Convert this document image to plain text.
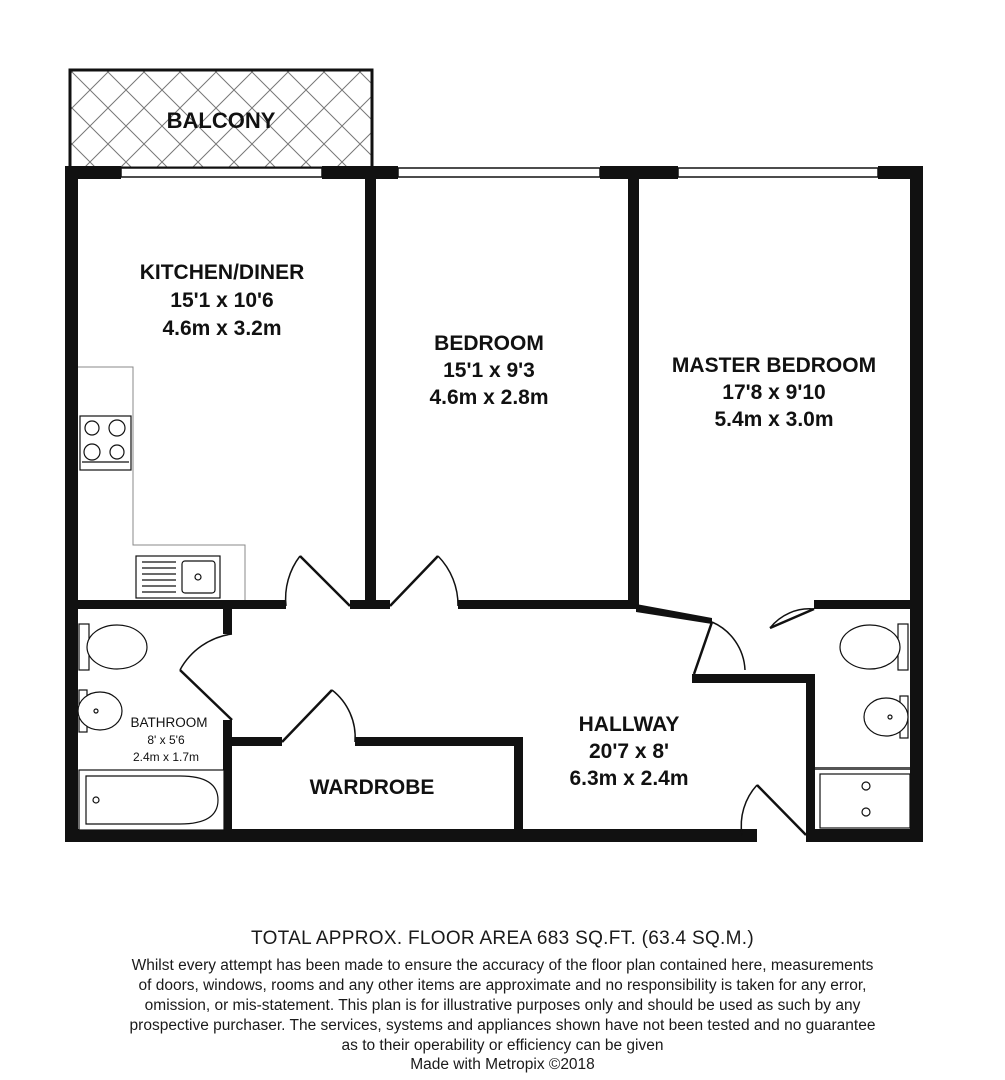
BALCONY
KITCHEN/DINER
15'1 x 10'6
4.6m x 3.2m
BEDROOM
15'1 x 9'3
4.6m x 2.8m
MASTER BEDROOM
17'8 x 9'10
5.4m x 3.0m
BATHROOM
8' x 5'6
2.4m x 1.7m
WARDROBE
HALLWAY
20'7 x 8'
6.3m x 2.4m
TOTAL APPROX. FLOOR AREA 683 SQ.FT. (63.4 SQ.M.)
Whilst every attempt has been made to ensure the accuracy of the floor plan contained here, measurements
of doors, windows, rooms and any other items are approximate and no responsibility is taken for any error,
omission, or mis-statement. This plan is for illustrative purposes only and should be used as such by any
prospective purchaser. The services, systems and appliances shown have not been tested and no guarantee
as to their operability or efficiency can be given
Made with Metropix ©2018
